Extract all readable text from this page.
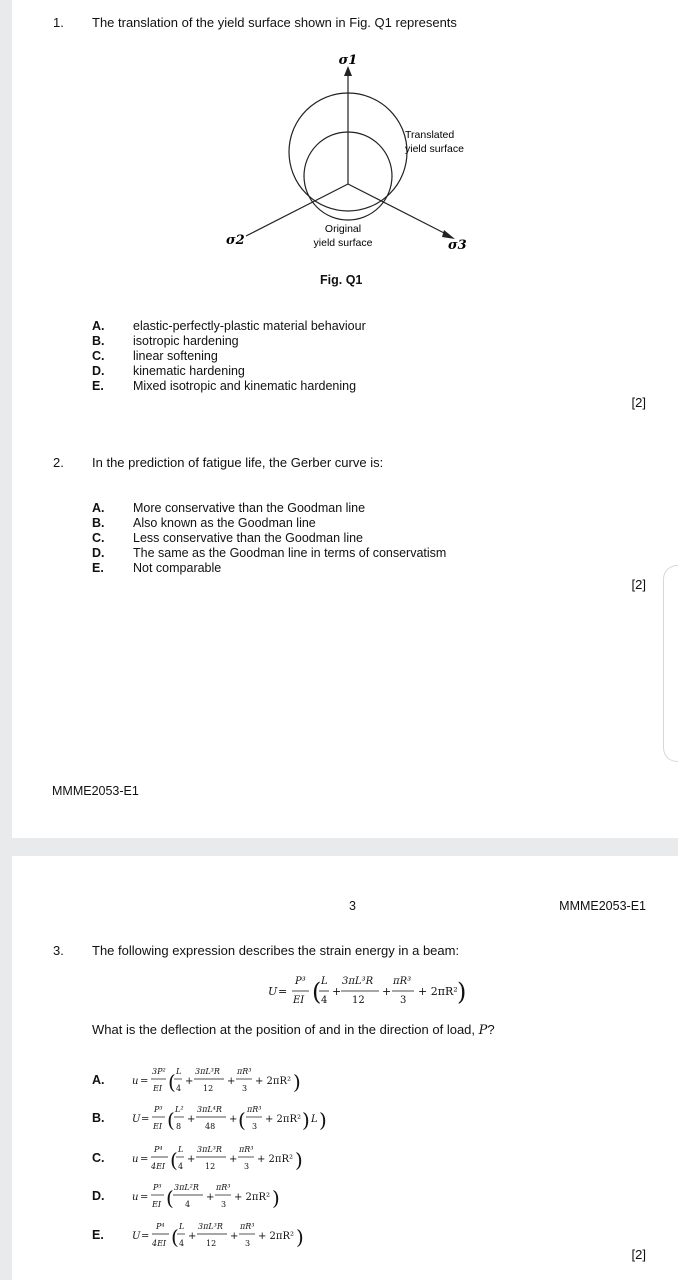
1. The translation of the yield surface shown in Fig. Q1 represents
σ1
σ2	σ3
Translated
yield surface
Original
yield surface
Fig. Q1
A.	elastic-perfectly-plastic material behaviour
B.	isotropic hardening
C.	linear softening
D.	kinematic hardening
E.	Mixed isotropic and kinematic hardening
[2]
2. In the prediction of fatigue life, the Gerber curve is:
A.	More conservative than the Goodman line
B.	Also known as the Goodman line
C.	Less conservative than the Goodman line
D.	The same as the Goodman line in terms of conservatism
E.	Not comparable
[2]
MMME2053-E1
3	MMME2053-E1
3. The following expression describes the strain energy in a beam:
U =
P³
EI ( L
4
+
3πL³R
12
+
πR³
3
+ 2πR² )
What is the deflection at the position of and in the direction of load, P?
A.	u =
3P²
EI ( L
4
+
3πL³R
12
+
πR³
3
+ 2πR² )
B.	U =
P³
EI ( L²
8
+
3πL⁴R
48
+ ( πR³
3
+ 2πR² ) L )
C.	u =
P⁴
4EI ( L
4
+
3πL³R
12
+
πR³
3
+ 2πR² )
D.	u =
P³
EI ( 3πL²R
4
+
πR³
3
+ 2πR² )
E.	U =
P⁴
4EI ( L
4
+
3πL³R
12
+
πR³
3
+ 2πR² )
[2]
